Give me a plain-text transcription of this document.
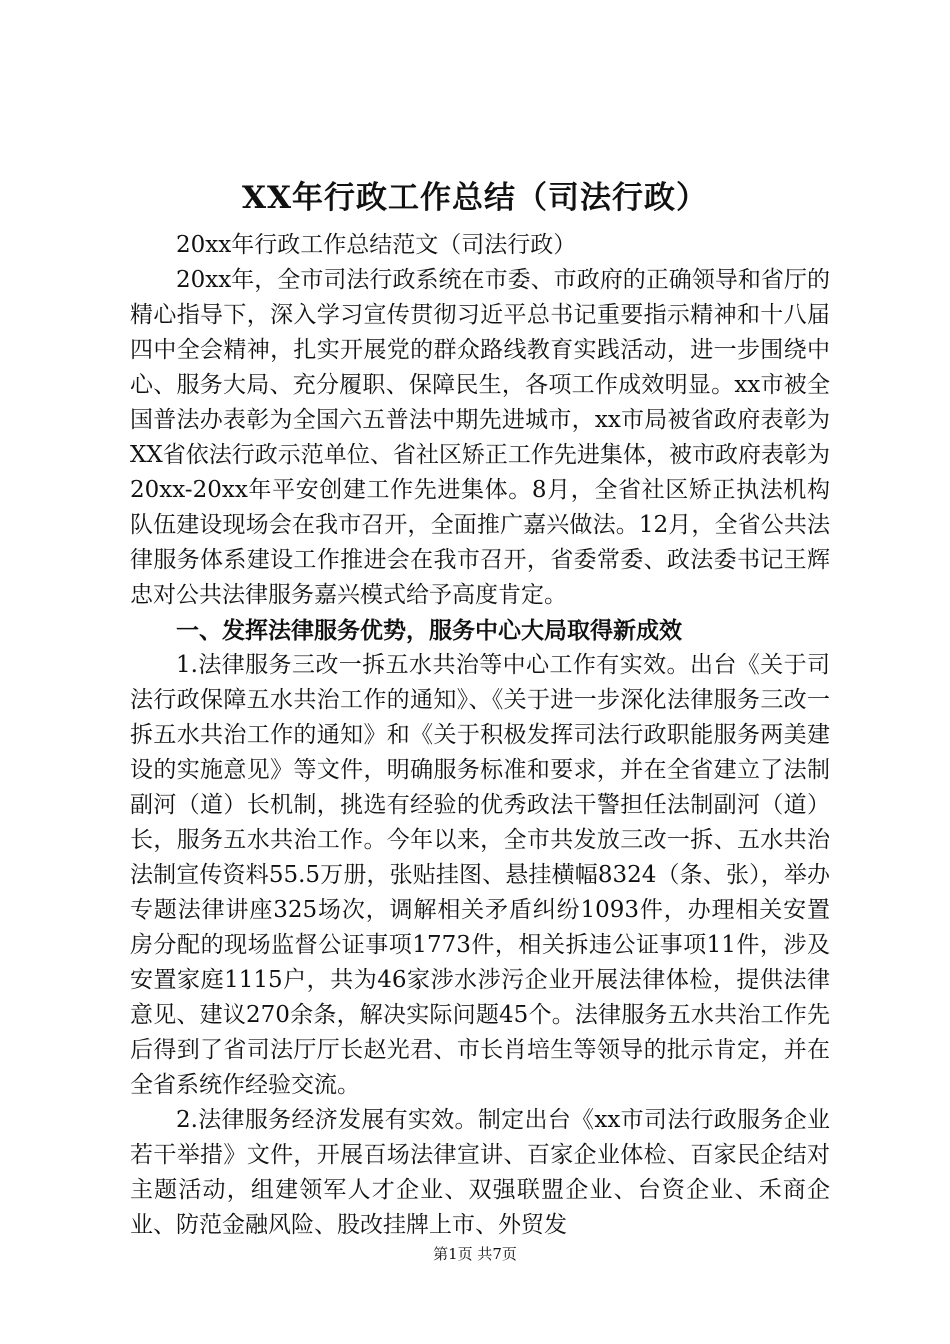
XX年行政工作总结（司法行政）

20xx年行政工作总结范文（司法行政）

20xx年，全市司法行政系统在市委、市政府的正确领导和省厅的精心指导下，深入学习宣传贯彻习近平总书记重要指示精神和十八届四中全会精神，扎实开展党的群众路线教育实践活动，进一步围绕中心、服务大局、充分履职、保障民生，各项工作成效明显。xx市被全国普法办表彰为全国六五普法中期先进城市，xx市局被省政府表彰为XX省依法行政示范单位、省社区矫正工作先进集体，被市政府表彰为20xx-20xx年平安创建工作先进集体。8月，全省社区矫正执法机构队伍建设现场会在我市召开，全面推广嘉兴做法。12月，全省公共法律服务体系建设工作推进会在我市召开，省委常委、政法委书记王辉忠对公共法律服务嘉兴模式给予高度肯定。

一、发挥法律服务优势，服务中心大局取得新成效

1.法律服务三改一拆五水共治等中心工作有实效。出台《关于司法行政保障五水共治工作的通知》、《关于进一步深化法律服务三改一拆五水共治工作的通知》和《关于积极发挥司法行政职能服务两美建设的实施意见》等文件，明确服务标准和要求，并在全省建立了法制副河（道）长机制，挑选有经验的优秀政法干警担任法制副河（道）长，服务五水共治工作。今年以来，全市共发放三改一拆、五水共治法制宣传资料55.5万册，张贴挂图、悬挂横幅8324（条、张），举办专题法律讲座325场次，调解相关矛盾纠纷1093件，办理相关安置房分配的现场监督公证事项1773件，相关拆违公证事项11件，涉及安置家庭1115户，共为46家涉水涉污企业开展法律体检，提供法律意见、建议270余条，解决实际问题45个。法律服务五水共治工作先后得到了省司法厅厅长赵光君、市长肖培生等领导的批示肯定，并在全省系统作经验交流。

2.法律服务经济发展有实效。制定出台《xx市司法行政服务企业若干举措》文件，开展百场法律宣讲、百家企业体检、百家民企结对主题活动，组建领军人才企业、双强联盟企业、台资企业、禾商企业、防范金融风险、股改挂牌上市、外贸发

第1页 共7页
